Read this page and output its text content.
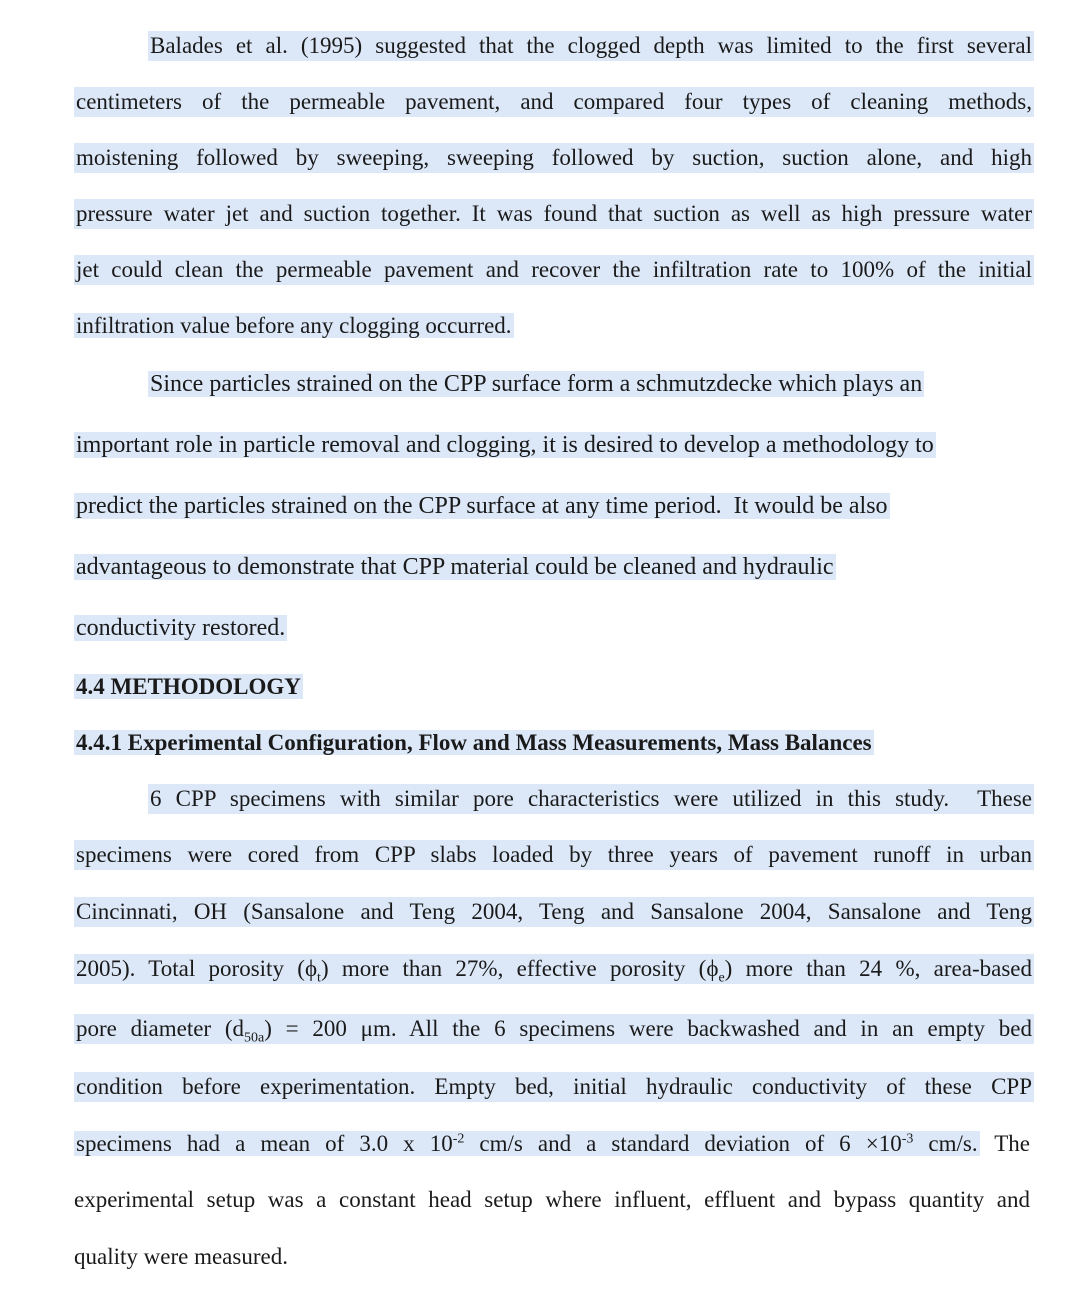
Balades et al. (1995) suggested that the clogged depth was limited to the first several
centimeters of the permeable pavement, and compared four types of cleaning methods,
moistening followed by sweeping, sweeping followed by suction, suction alone, and high
pressure water jet and suction together. It was found that suction as well as high pressure water
jet could clean the permeable pavement and recover the infiltration rate to 100% of the initial
infiltration value before any clogging occurred.
Since particles strained on the CPP surface form a schmutzdecke which plays an
important role in particle removal and clogging, it is desired to develop a methodology to
predict the particles strained on the CPP surface at any time period.  It would be also
advantageous to demonstrate that CPP material could be cleaned and hydraulic
conductivity restored.
4.4 METHODOLOGY
4.4.1 Experimental Configuration, Flow and Mass Measurements, Mass Balances
6 CPP specimens with similar pore characteristics were utilized in this study.  These
specimens were cored from CPP slabs loaded by three years of pavement runoff in urban
Cincinnati, OH (Sansalone and Teng 2004, Teng and Sansalone 2004, Sansalone and Teng
2005). Total porosity $(\phi_t)$ more than 27%, effective porosity $(\phi_e)$ more than 24 %, area-based
pore diameter $(d_{50a}) = 200$ μm. All the 6 specimens were backwashed and in an empty bed
condition before experimentation. Empty bed, initial hydraulic conductivity of these CPP
specimens had a mean of 3.0 x $10^{-2}$ cm/s and a standard deviation of $6 \times 10^{-3}$ cm/s. The
experimental setup was a constant head setup where influent, effluent and bypass quantity and
quality were measured.
